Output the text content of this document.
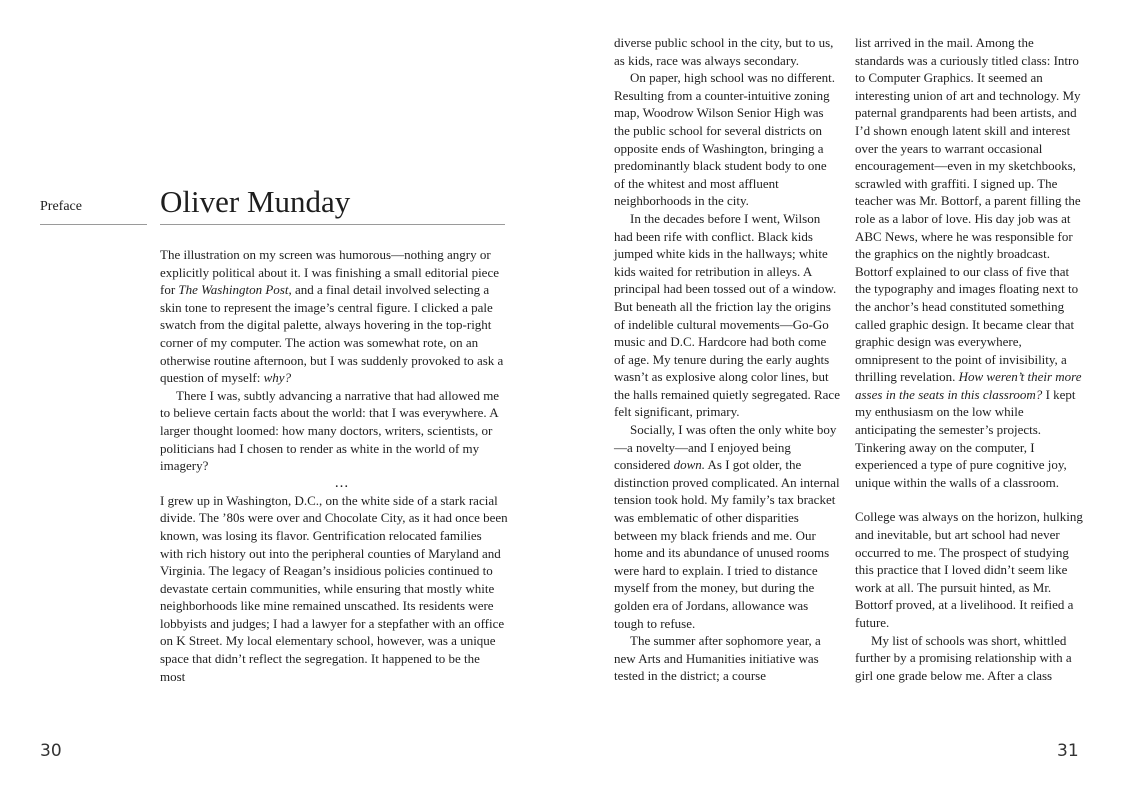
Preface	Oliver Munday

The illustration on my screen was humorous—nothing angry or explicitly political about it. I was finishing a small editorial piece for The Washington Post, and a final detail involved selecting a skin tone to represent the image’s central figure. I clicked a pale swatch from the digital palette, always hovering in the top-right corner of my computer. The action was somewhat rote, on an otherwise routine afternoon, but I was suddenly provoked to ask a question of myself: why?

There I was, subtly advancing a narrative that had allowed me to believe certain facts about the world: that I was everywhere. A larger thought loomed: how many doctors, writers, scientists, or politicians had I chosen to render as white in the world of my imagery?

...

I grew up in Washington, D.C., on the white side of a stark racial divide. The ’80s were over and Chocolate City, as it had once been known, was losing its flavor. Gentrification relocated families with rich history out into the peripheral counties of Maryland and Virginia. The legacy of Reagan’s insidious policies continued to devastate certain communities, while ensuring that mostly white neighborhoods like mine remained unscathed. Its residents were lobbyists and judges; I had a lawyer for a stepfather with an office on K Street. My local elementary school, however, was a unique space that didn’t reflect the segregation. It happened to be the most

diverse public school in the city, but to us, as kids, race was always secondary.

On paper, high school was no different. Resulting from a counter-intuitive zoning map, Woodrow Wilson Senior High was the public school for several districts on opposite ends of Washington, bringing a predominantly black student body to one of the whitest and most affluent neighborhoods in the city.

In the decades before I went, Wilson had been rife with conflict. Black kids jumped white kids in the hallways; white kids waited for retribution in alleys. A principal had been tossed out of a window. But beneath all the friction lay the origins of indelible cultural movements—Go-Go music and D.C. Hardcore had both come of age. My tenure during the early aughts wasn’t as explosive along color lines, but the halls remained quietly segregated. Race felt significant, primary.

Socially, I was often the only white boy—a novelty—and I enjoyed being considered down. As I got older, the distinction proved complicated. An internal tension took hold. My family’s tax bracket was emblematic of other disparities between my black friends and me. Our home and its abundance of unused rooms were hard to explain. I tried to distance myself from the money, but during the golden era of Jordans, allowance was tough to refuse.

The summer after sophomore year, a new Arts and Humanities initiative was tested in the district; a course

list arrived in the mail. Among the standards was a curiously titled class: Intro to Computer Graphics. It seemed an interesting union of art and technology. My paternal grandparents had been artists, and I’d shown enough latent skill and interest over the years to warrant occasional encouragement—even in my sketchbooks, scrawled with graffiti. I signed up. The teacher was Mr. Bottorf, a parent filling the role as a labor of love. His day job was at ABC News, where he was responsible for the graphics on the nightly broadcast. Bottorf explained to our class of five that the typography and images floating next to the anchor’s head constituted something called graphic design. It became clear that graphic design was everywhere, omnipresent to the point of invisibility, a thrilling revelation. How weren’t their more asses in the seats in this classroom? I kept my enthusiasm on the low while anticipating the semester’s projects. Tinkering away on the computer, I experienced a type of pure cognitive joy, unique within the walls of a classroom.

College was always on the horizon, hulking and inevitable, but art school had never occurred to me. The prospect of studying this practice that I loved didn’t seem like work at all. The pursuit hinted, as Mr. Bottorf proved, at a livelihood. It reified a future.

My list of schools was short, whittled further by a promising relationship with a girl one grade below me. After a class

30	31
